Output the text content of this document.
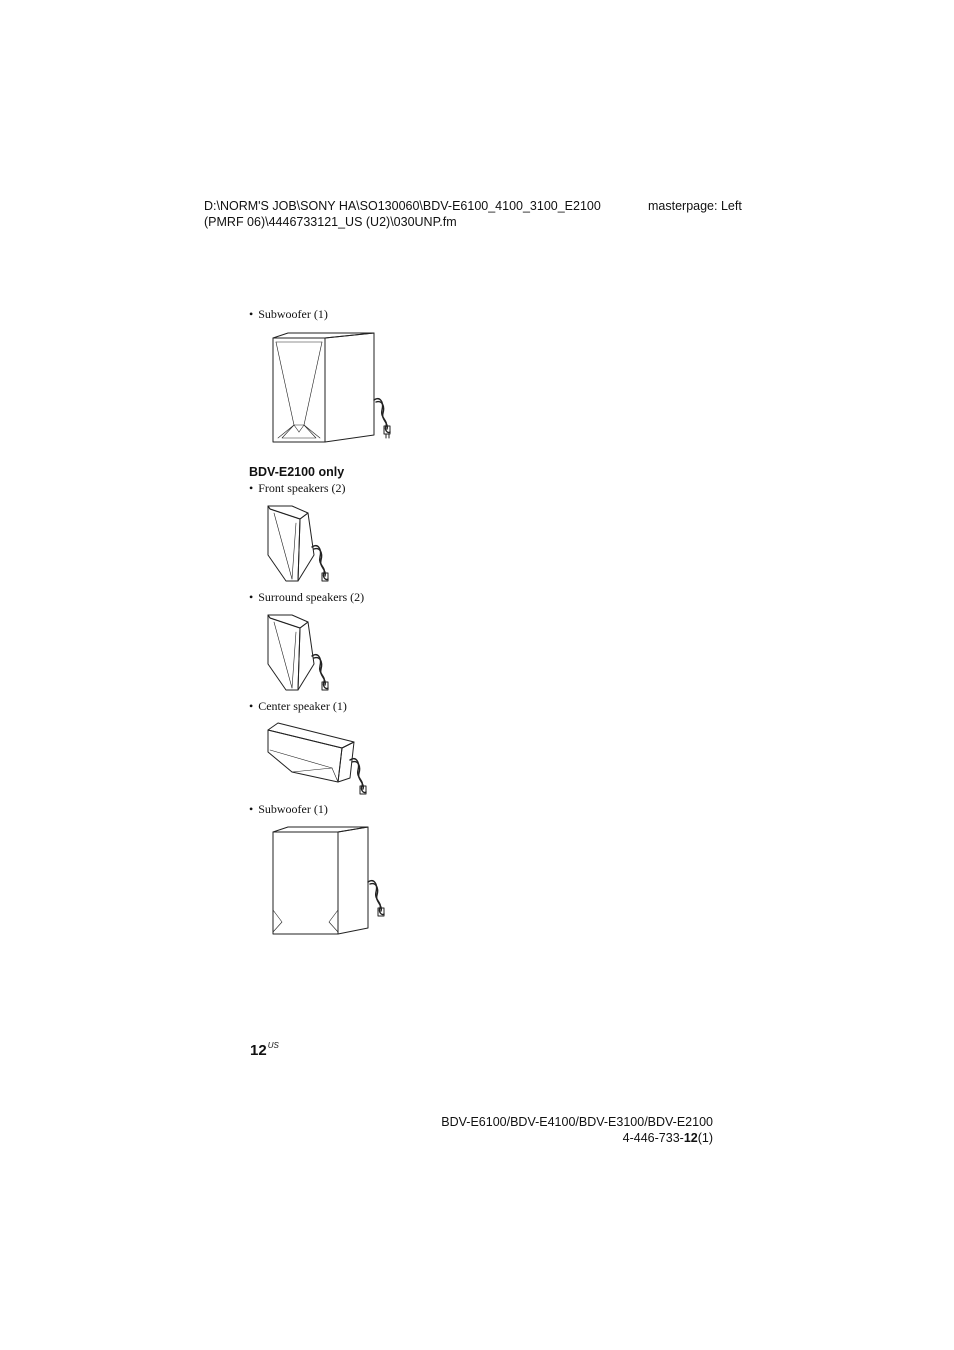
D:\NORM'S JOB\SONY HA\SO130060\BDV-E6100_4100_3100_E2100
(PMRF 06)\4446733121_US (U2)\030UNP.fm
masterpage: Left
• Subwoofer (1)
BDV-E2100 only
• Front speakers (2)
• Surround speakers (2)
• Center speaker (1)
• Subwoofer (1)
$12^{US}$
BDV-E6100/BDV-E4100/BDV-E3100/BDV-E2100
4-446-733-12(1)
